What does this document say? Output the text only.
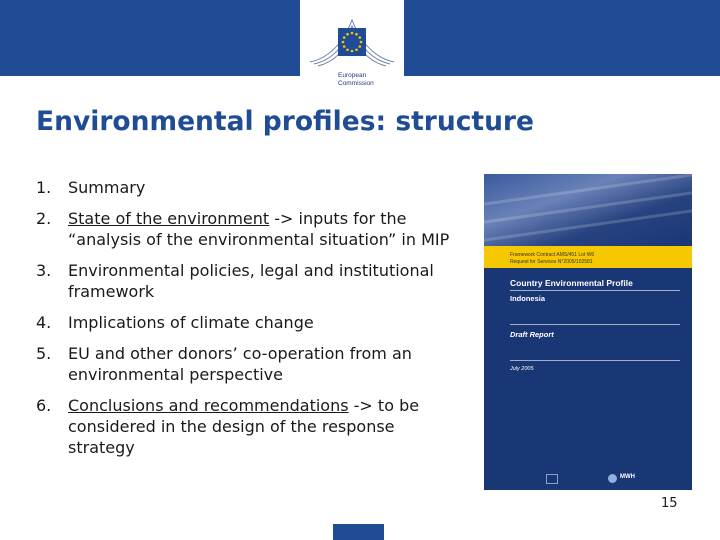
European
Commission
Environmental profiles: structure
1. Summary
2. State of the environment -> inputs for the “analysis of the environmental situation” in MIP
3. Environmental policies, legal and institutional framework
4. Implications of climate change
5. EU and other donors’ co-operation from an environmental perspective
6. Conclusions and recommendations -> to be considered in the design of the response strategy
Framework Contract AMS/451 Lot W6
Request for Services N°2005/102581
Country Environmental Profile
Indonesia
Draft Report
July 2005
MWH
15
